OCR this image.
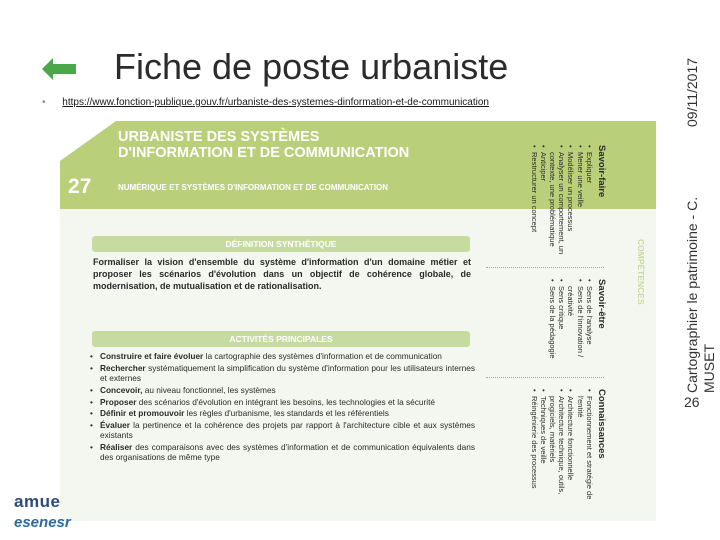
Fiche de poste urbaniste
• https://www.fonction-publique.gouv.fr/urbaniste-des-systemes-dinformation-et-de-communication
URBANISTE DES SYSTÈMES D'INFORMATION ET DE COMMUNICATION
27	NUMÉRIQUE ET SYSTÈMES D'INFORMATION ET DE COMMUNICATION
DÉFINITION SYNTHÉTIQUE
Formaliser la vision d'ensemble du système d'information d'un domaine métier et proposer les scénarios d'évolution dans un objectif de cohérence globale, de modernisation, de mutualisation et de rationalisation.
ACTIVITÉS PRINCIPALES
• Construire et faire évoluer la cartographie des systèmes d'information et de communication
• Rechercher systématiquement la simplification du système d'information pour les utilisateurs internes et externes
• Concevoir, au niveau fonctionnel, les systèmes
• Proposer des scénarios d'évolution en intégrant les besoins, les technologies et la sécurité
• Définir et promouvoir les règles d'urbanisme, les standards et les référentiels
• Évaluer la pertinence et la cohérence des projets par rapport à l'architecture cible et aux systèmes existants
• Réaliser des comparaisons avec des systèmes d'information et de communication équivalents dans des organisations de même type
COMPÉTENCES
Savoir-faire
• Expliquer
• Mener une veille
• Modéliser un processus
• Analyser un comportement, un contexte, une problématique
• Anticiper
• Restructurer un concept
Savoir-être
• Sens de l'analyse
• Sens de l'innovation / créativité
• Sens critique
• Sens de la pédagogie
Connaissances
• Fonctionnement et stratégie de l'entité
• Architecture fonctionnelle
• Architecture technique, outils, progiciels, matériels
• Techniques de veille
• Réingénierie des processus
09/11/2017
Cartographier le patrimoine - C. MUSET
26
amue
esenesr
